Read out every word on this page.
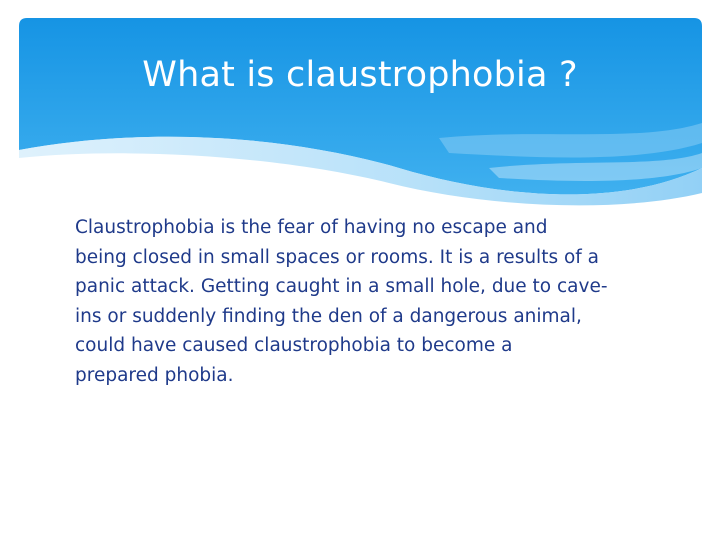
What is claustrophobia ?

Claustrophobia is the fear of having no escape and
being closed in small spaces or rooms. It is a results of a
panic attack. Getting caught in a small hole, due to cave-
ins or suddenly finding the den of a dangerous animal,
could have caused claustrophobia to become a
prepared phobia.
